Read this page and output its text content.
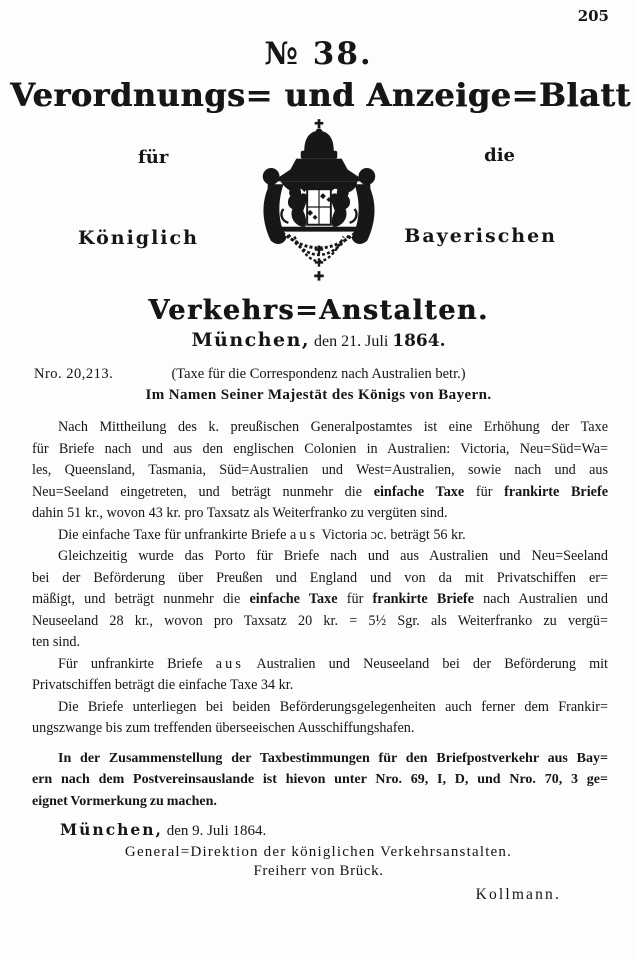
205
№ 38.
Verordnungs= und Anzeige=Blatt
für	die
Königlich	Bayerischen
Verkehrs=Anstalten.
München, den 21. Juli 1864.
Nro. 20,213.	(Taxe für die Correspondenz nach Australien betr.)
Im Namen Seiner Majestät des Königs von Bayern.
Nach Mittheilung des k. preußischen Generalpostamtes ist eine Erhöhung der Taxe
für Briefe nach und aus den englischen Colonien in Australien: Victoria, Neu=Süd=Wa=
les, Queensland, Tasmania, Süd=Australien und West=Australien, sowie nach und aus
Neu=Seeland eingetreten, und beträgt nunmehr die einfache Taxe für frankirte Briefe
dahin 51 kr., wovon 43 kr. pro Taxsatz als Weiterfranko zu vergüten sind.
Die einfache Taxe für unfrankirte Briefe aus Victoria ɔc. beträgt 56 kr.
Gleichzeitig wurde das Porto für Briefe nach und aus Australien und Neu=Seeland
bei der Beförderung über Preußen und England und von da mit Privatschiffen er=
mäßigt, und beträgt nunmehr die einfache Taxe für frankirte Briefe nach Australien und
Neuseeland 28 kr., wovon pro Taxsatz 20 kr. = 5½ Sgr. als Weiterfranko zu vergü=
ten sind.
Für unfrankirte Briefe aus Australien und Neuseeland bei der Beförderung mit
Privatschiffen beträgt die einfache Taxe 34 kr.
Die Briefe unterliegen bei beiden Beförderungsgelegenheiten auch ferner dem Frankir=
ungszwange bis zum treffenden überseeischen Ausschiffungshafen.
In der Zusammenstellung der Taxbestimmungen für den Briefpostverkehr aus Bay=
ern nach dem Postvereinsauslande ist hievon unter Nro. 69, I, D, und Nro. 70, 3 ge=
eignet Vormerkung zu machen.
München, den 9. Juli 1864.
General=Direktion der königlichen Verkehrsanstalten.
Freiherr von Brück.
Kollmann.
